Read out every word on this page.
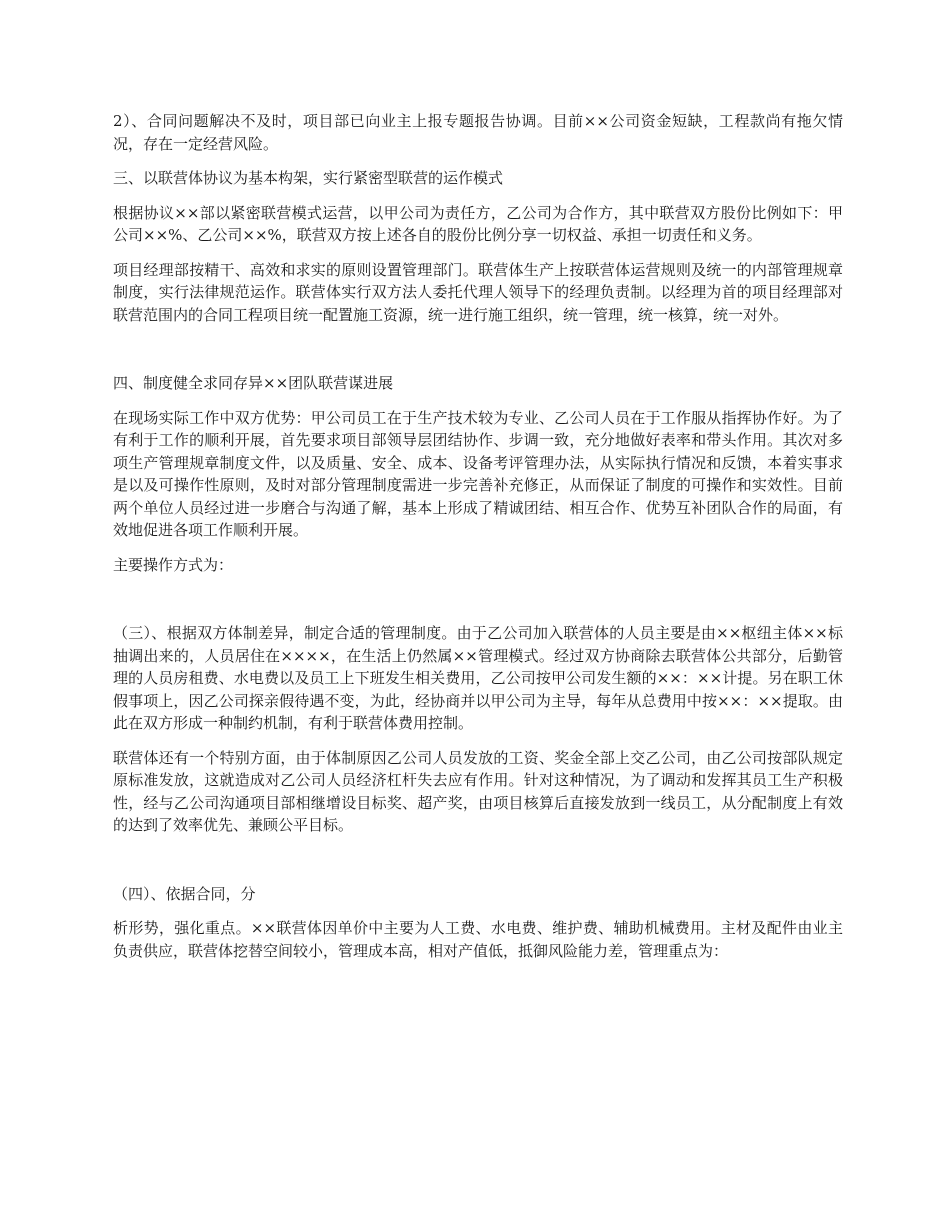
2）、合同问题解决不及时，项目部已向业主上报专题报告协调。目前××公司资金短缺，工程款尚有拖欠情况，存在一定经营风险。

三、以联营体协议为基本构架，实行紧密型联营的运作模式

根据协议××部以紧密联营模式运营，以甲公司为责任方，乙公司为合作方，其中联营双方股份比例如下：甲公司××%、乙公司××%，联营双方按上述各自的股份比例分享一切权益、承担一切责任和义务。

项目经理部按精干、高效和求实的原则设置管理部门。联营体生产上按联营体运营规则及统一的内部管理规章制度，实行法律规范运作。联营体实行双方法人委托代理人领导下的经理负责制。以经理为首的项目经理部对联营范围内的合同工程项目统一配置施工资源，统一进行施工组织，统一管理，统一核算，统一对外。

四、制度健全求同存异××团队联营谋进展

在现场实际工作中双方优势：甲公司员工在于生产技术较为专业、乙公司人员在于工作服从指挥协作好。为了有利于工作的顺利开展，首先要求项目部领导层团结协作、步调一致，充分地做好表率和带头作用。其次对多项生产管理规章制度文件，以及质量、安全、成本、设备考评管理办法，从实际执行情况和反馈，本着实事求是以及可操作性原则，及时对部分管理制度需进一步完善补充修正，从而保证了制度的可操作和实效性。目前两个单位人员经过进一步磨合与沟通了解，基本上形成了精诚团结、相互合作、优势互补团队合作的局面，有效地促进各项工作顺利开展。

主要操作方式为：

（三）、根据双方体制差异，制定合适的管理制度。由于乙公司加入联营体的人员主要是由××枢纽主体××标抽调出来的，人员居住在××××，在生活上仍然属××管理模式。经过双方协商除去联营体公共部分，后勤管理的人员房租费、水电费以及员工上下班发生相关费用，乙公司按甲公司发生额的××：××计提。另在职工休假事项上，因乙公司探亲假待遇不变，为此，经协商并以甲公司为主导，每年从总费用中按××：××提取。由此在双方形成一种制约机制，有利于联营体费用控制。

联营体还有一个特别方面，由于体制原因乙公司人员发放的工资、奖金全部上交乙公司，由乙公司按部队规定原标准发放，这就造成对乙公司人员经济杠杆失去应有作用。针对这种情况，为了调动和发挥其员工生产积极性，经与乙公司沟通项目部相继增设目标奖、超产奖，由项目核算后直接发放到一线员工，从分配制度上有效的达到了效率优先、兼顾公平目标。

（四）、依据合同，分

析形势，强化重点。××联营体因单价中主要为人工费、水电费、维护费、辅助机械费用。主材及配件由业主负责供应，联营体挖替空间较小，管理成本高，相对产值低，抵御风险能力差，管理重点为：
